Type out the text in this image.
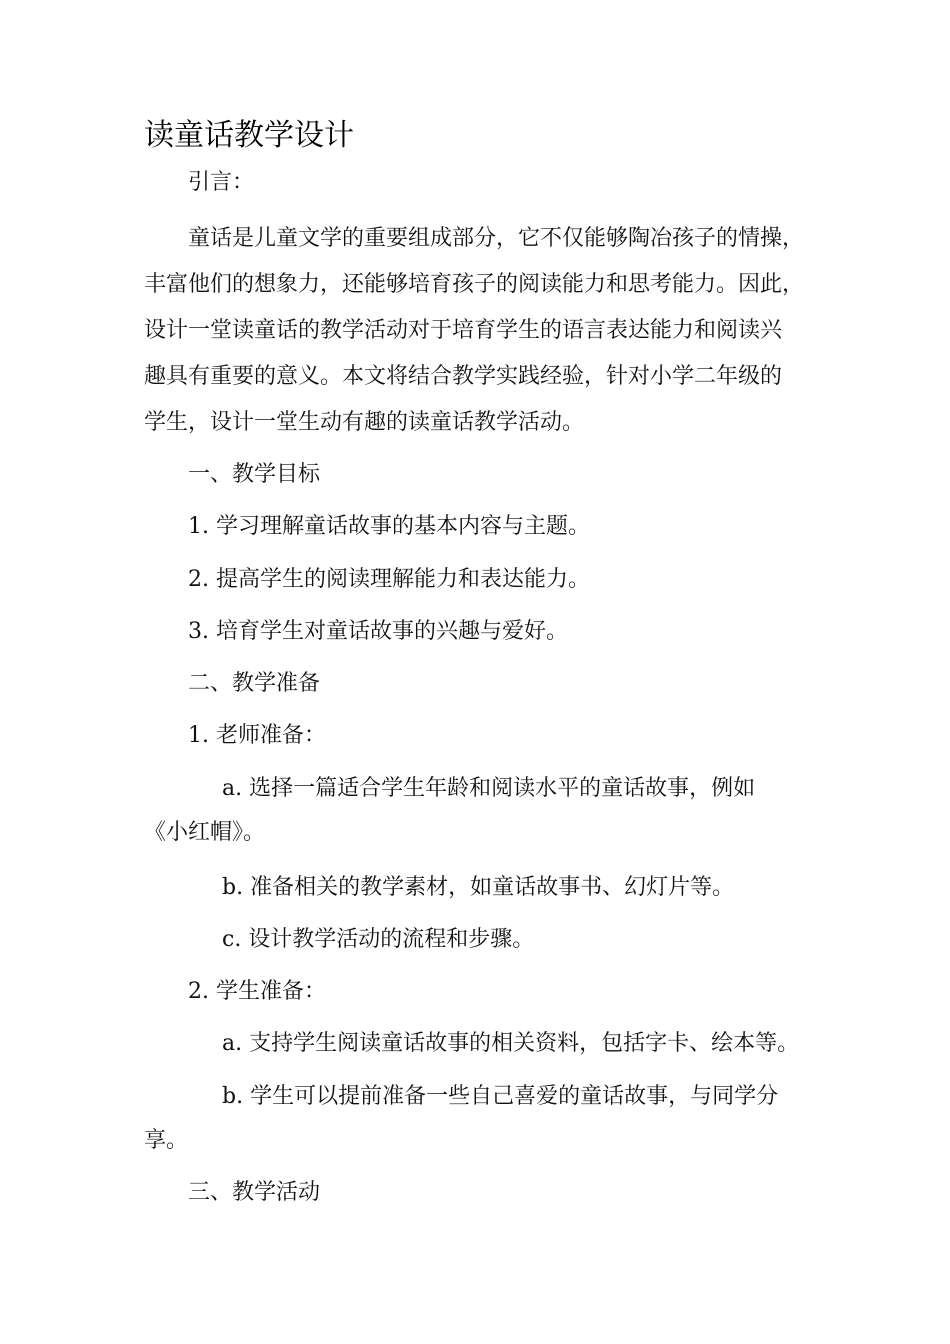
读童话教学设计
引言：
童话是儿童文学的重要组成部分，它不仅能够陶冶孩子的情操，
丰富他们的想象力，还能够培育孩子的阅读能力和思考能力。因此，
设计一堂读童话的教学活动对于培育学生的语言表达能力和阅读兴
趣具有重要的意义。本文将结合教学实践经验，针对小学二年级的
学生，设计一堂生动有趣的读童话教学活动。
一、教学目标
1. 学习理解童话故事的基本内容与主题。
2. 提高学生的阅读理解能力和表达能力。
3. 培育学生对童话故事的兴趣与爱好。
二、教学准备
1. 老师准备：
a. 选择一篇适合学生年龄和阅读水平的童话故事，例如
《小红帽》。
b. 准备相关的教学素材，如童话故事书、幻灯片等。
c. 设计教学活动的流程和步骤。
2. 学生准备：
a. 支持学生阅读童话故事的相关资料，包括字卡、绘本等。
b. 学生可以提前准备一些自己喜爱的童话故事，与同学分
享。
三、教学活动
